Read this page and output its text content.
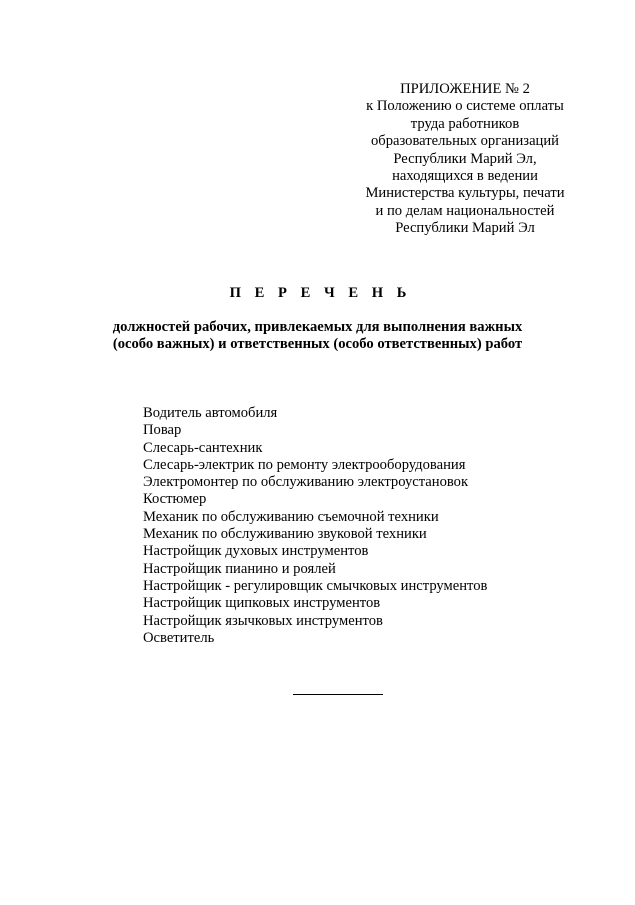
ПРИЛОЖЕНИЕ № 2
к Положению о системе оплаты
труда работников
образовательных организаций
Республики Марий Эл,
находящихся в ведении
Министерства культуры, печати
и по делам национальностей
Республики Марий Эл
П Е Р Е Ч Е Н Ь
должностей рабочих, привлекаемых для выполнения важных
(особо важных) и ответственных (особо ответственных) работ
Водитель автомобиля
Повар
Слесарь-сантехник
Слесарь-электрик по ремонту электрооборудования
Электромонтер по обслуживанию электроустановок
Костюмер
Механик по обслуживанию съемочной техники
Механик по обслуживанию звуковой техники
Настройщик духовых инструментов
Настройщик пианино и роялей
Настройщик - регулировщик смычковых инструментов
Настройщик щипковых инструментов
Настройщик язычковых инструментов
Осветитель
